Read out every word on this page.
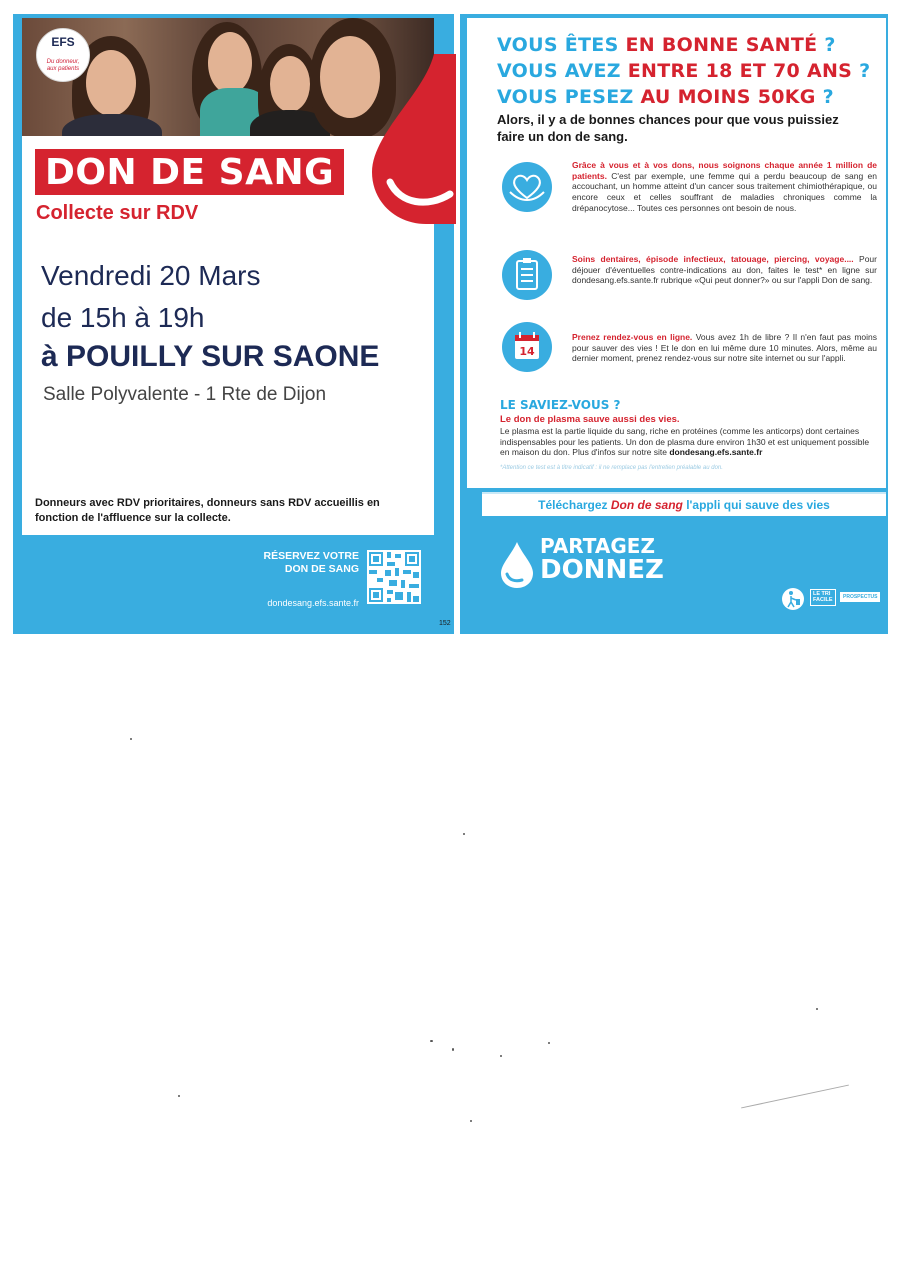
EFS
Du donneur, aux patients
DON DE SANG
Collecte sur RDV
Vendredi 20 Mars
de 15h à 19h
à POUILLY SUR SAONE
Salle Polyvalente - 1 Rte de Dijon
Donneurs avec RDV prioritaires, donneurs sans RDV accueillis en fonction de l'affluence sur la collecte.
RÉSERVEZ VOTRE
DON DE SANG
dondesang.efs.sante.fr
152
VOUS ÊTES EN BONNE SANTÉ ?
VOUS AVEZ ENTRE 18 ET 70 ANS ?
VOUS PESEZ AU MOINS 50KG ?
Alors, il y a de bonnes chances pour que vous puissiez faire un don de sang.
Grâce à vous et à vos dons, nous soignons chaque année 1 million de patients. C'est par exemple, une femme qui a perdu beaucoup de sang en accouchant, un homme atteint d'un cancer sous traitement chimiothérapique, ou encore ceux et celles souffrant de maladies chroniques comme la drépanocytose... Toutes ces personnes ont besoin de nous.
Soins dentaires, épisode infectieux, tatouage, piercing, voyage.... Pour déjouer d'éventuelles contre-indications au don, faites le test* en ligne sur dondesang.efs.sante.fr rubrique «Qui peut donner?» ou sur l'appli Don de sang.
14
Prenez rendez-vous en ligne. Vous avez 1h de libre ? Il n'en faut pas moins pour sauver des vies ! Et le don en lui même dure 10 minutes. Alors, même au dernier moment, prenez rendez-vous sur notre site internet ou sur l'appli.
LE SAVIEZ-VOUS ?
Le don de plasma sauve aussi des vies.
Le plasma est la partie liquide du sang, riche en protéines (comme les anticorps) dont certaines indispensables pour les patients. Un don de plasma dure environ 1h30 et est uniquement possible en maison du don. Plus d'infos sur notre site dondesang.efs.sante.fr
*Attention ce test est à titre indicatif : il ne remplace pas l'entretien préalable au don.
Téléchargez Don de sang l'appli qui sauve des vies
PARTAGEZ
DONNEZ
LE TRI
FACILE
PROSPECTUS
